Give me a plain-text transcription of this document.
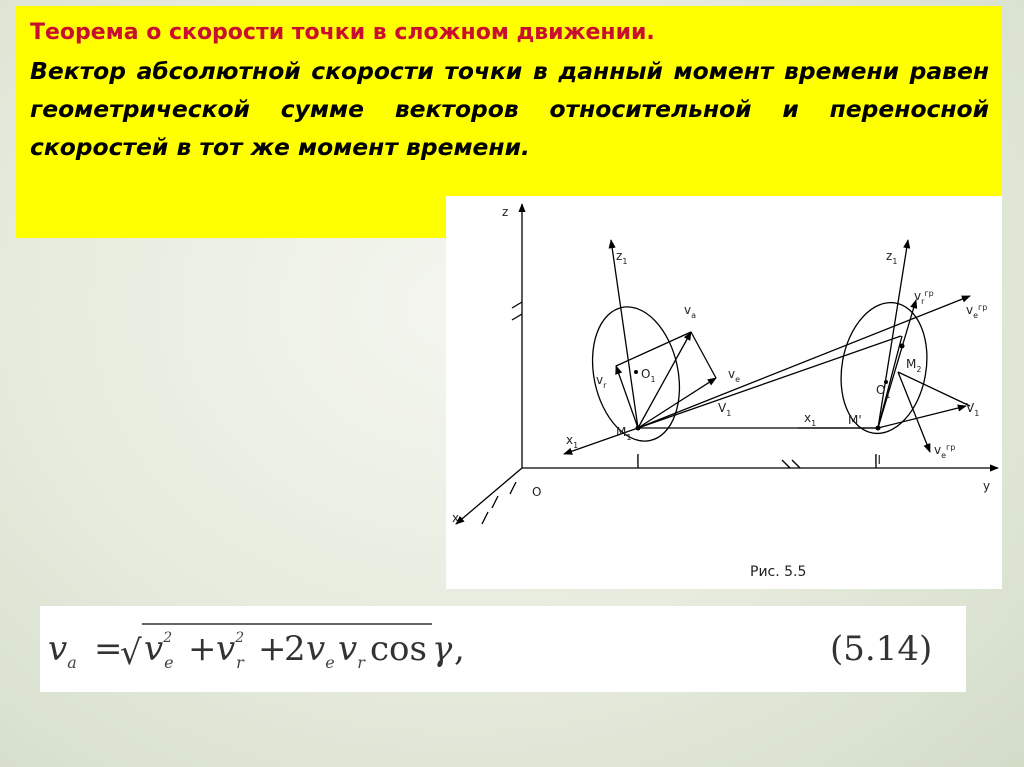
Теорема о скорости точки в сложном движении.

Вектор абсолютной скорости точки в данный момент времени равен геометрической сумме векторов относительной и переносной скоростей в тот же момент времени.

z
y
x
O
$z_1$
$x_1$
$O_1$
$M_1$
$v_a$
$v_r$
$v_e$
$V_1$
I
$z_1$
$x_1$
$O_1$
M'
$M_2$
$v_r^{гр}$
$v_e^{гр}$
$V_1$
$v_e^{гр}$
II
Рис. 5.5
$v_a$ =
√ $v^2$ $e + v^2$ r +
2 $v_e$ $v_r$ cos γ ,	(5.14)
